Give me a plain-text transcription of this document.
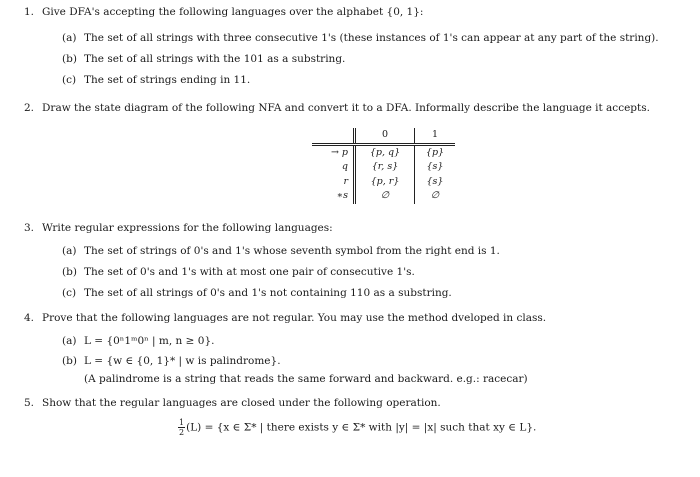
1. Give DFA's accepting the following languages over the alphabet {0, 1}:
(a) The set of all strings with three consecutive 1's (these instances of 1's can appear at any part of the string).
(b) The set of all strings with the 101 as a substring.
(c) The set of strings ending in 11.
2. Draw the state diagram of the following NFA and convert it to a DFA. Informally describe the language it accepts.
	0	1
→ p	{p, q}	{p}
q	{r, s}	{s}
r	{p, r}	{s}
∗s	∅	∅
3. Write regular expressions for the following languages:
(a) The set of strings of 0's and 1's whose seventh symbol from the right end is 1.
(b) The set of 0's and 1's with at most one pair of consecutive 1's.
(c) The set of all strings of 0's and 1's not containing 110 as a substring.
4. Prove that the following languages are not regular. You may use the method dveloped in class.
(a) L = {0ⁿ1ᵐ0ⁿ | m, n ≥ 0}.
(b) L = {w ∈ {0, 1}* | w is palindrome}.
(A palindrome is a string that reads the same forward and backward. e.g.: racecar)
5. Show that the regular languages are closed under the following operation.
$\frac{1}{2} (L) = \{x$ ∈ Σ* | there exists y ∈ Σ* with |y| = |x| such that xy ∈ L}.
